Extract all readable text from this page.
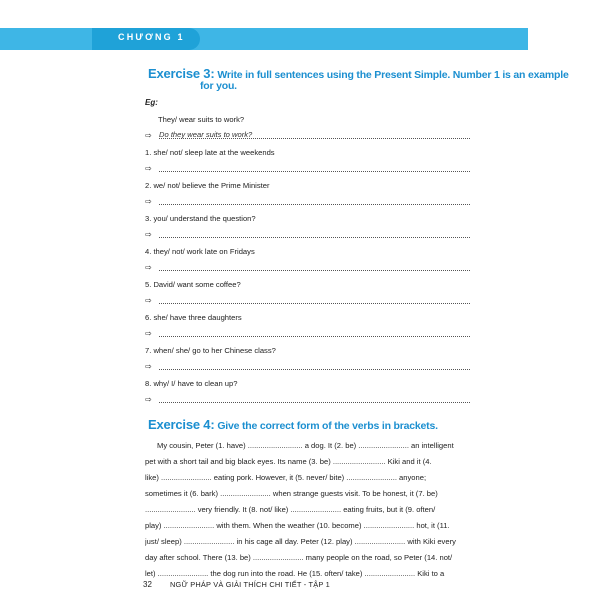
CHƯƠNG 1
Exercise 3: Write in full sentences using the Present Simple. Number 1 is an example
for you.
Eg:
They/ wear suits to work?
⇨ Do they wear suits to work?
1. she/ not/ sleep late at the weekends
⇨
2. we/ not/ believe the Prime Minister
⇨
3. you/ understand the question?
⇨
4. they/ not/ work late on Fridays
⇨
5. David/ want some coffee?
⇨
6. she/ have three daughters
⇨
7. when/ she/ go to her Chinese class?
⇨
8. why/ I/ have to clean up?
⇨
Exercise 4: Give the correct form of the verbs in brackets.
My cousin, Peter (1. have) .......................... a dog. It (2. be) ........................ an intelligent
pet with a short tail and big black eyes. Its name (3. be) ......................... Kiki and it (4.
like) ........................ eating pork. However, it (5. never/ bite) ........................ anyone;
sometimes it (6. bark) ........................ when strange guests visit. To be honest, it (7. be)
........................ very friendly. It (8. not/ like) ........................ eating fruits, but it (9. often/
play) ........................ with them. When the weather (10. become) ........................ hot, it (11.
just/ sleep) ........................ in his cage all day. Peter (12. play) ........................ with Kiki every
day after school. There (13. be) ........................ many people on the road, so Peter (14. not/
let) ........................ the dog run into the road. He (15. often/ take) ........................ Kiki to a
32 NGỮ PHÁP VÀ GIẢI THÍCH CHI TIẾT - TẬP 1
